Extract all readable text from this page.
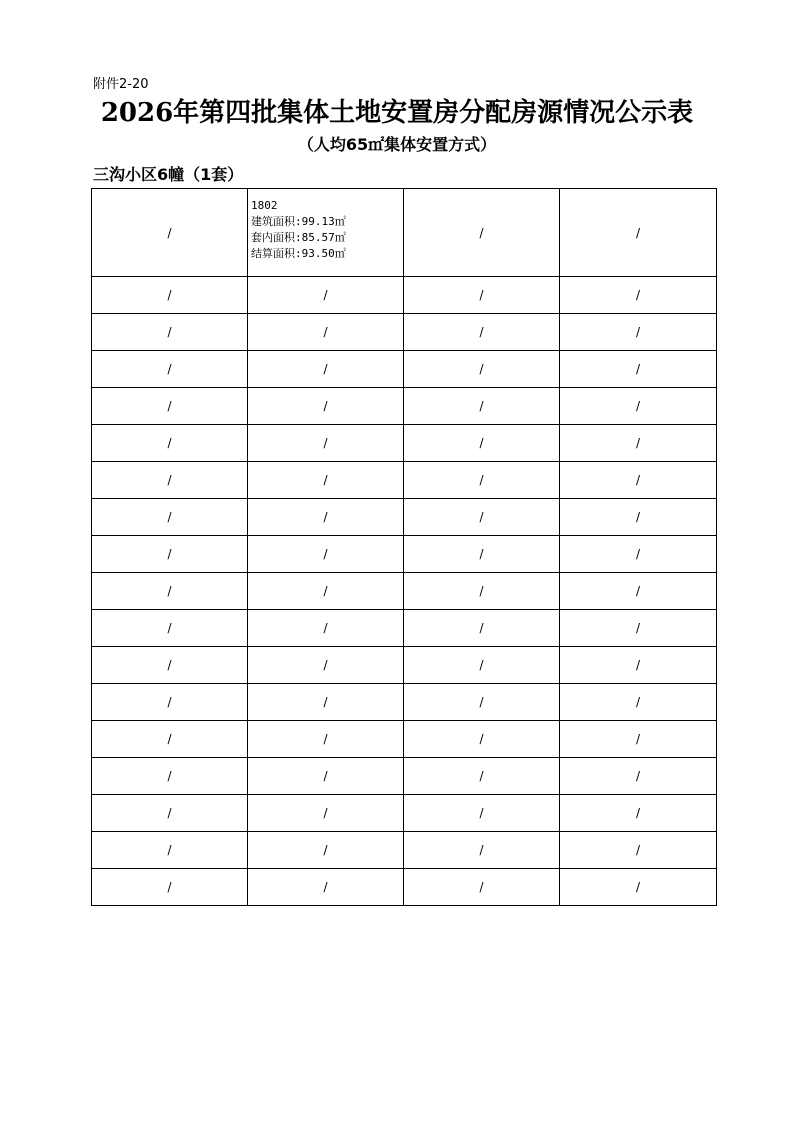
附件2-20
2026年第四批集体土地安置房分配房源情况公示表
（人均65㎡集体安置方式）
三沟小区6幢（1套）
/	1802
建筑面积:99.13㎡
套内面积:85.57㎡
结算面积:93.50㎡	/	/
/	/	/	/
/	/	/	/
/	/	/	/
/	/	/	/
/	/	/	/
/	/	/	/
/	/	/	/
/	/	/	/
/	/	/	/
/	/	/	/
/	/	/	/
/	/	/	/
/	/	/	/
/	/	/	/
/	/	/	/
/	/	/	/
/	/	/	/
